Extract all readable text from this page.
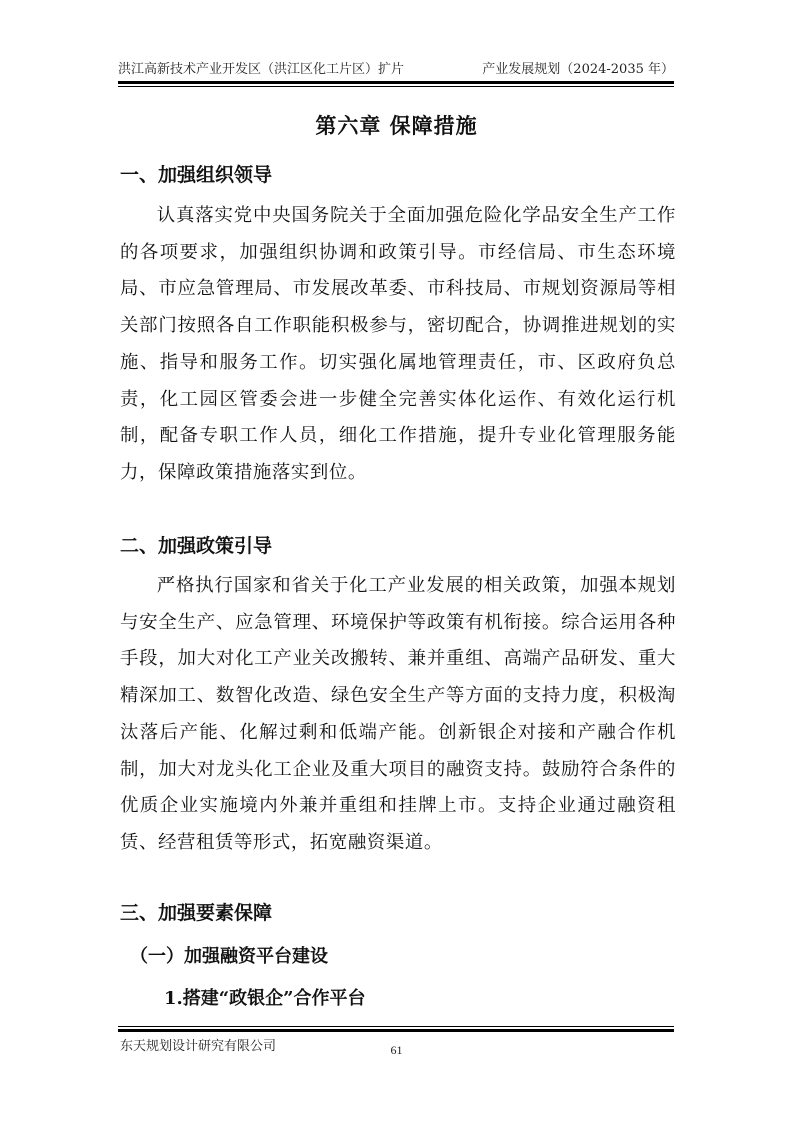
洪江高新技术产业开发区（洪江区化工片区）扩片	产业发展规划（2024-2035 年）
第六章 保障措施
一、加强组织领导

认真落实党中央国务院关于全面加强危险化学品安全生产工作的各项要求，加强组织协调和政策引导。市经信局、市生态环境局、市应急管理局、市发展改革委、市科技局、市规划资源局等相关部门按照各自工作职能积极参与，密切配合，协调推进规划的实施、指导和服务工作。切实强化属地管理责任，市、区政府负总责，化工园区管委会进一步健全完善实体化运作、有效化运行机制，配备专职工作人员，细化工作措施，提升专业化管理服务能力，保障政策措施落实到位。

二、加强政策引导

严格执行国家和省关于化工产业发展的相关政策，加强本规划与安全生产、应急管理、环境保护等政策有机衔接。综合运用各种手段，加大对化工产业关改搬转、兼并重组、高端产品研发、重大精深加工、数智化改造、绿色安全生产等方面的支持力度，积极淘汰落后产能、化解过剩和低端产能。创新银企对接和产融合作机制，加大对龙头化工企业及重大项目的融资支持。鼓励符合条件的优质企业实施境内外兼并重组和挂牌上市。支持企业通过融资租赁、经营租赁等形式，拓宽融资渠道。

三、加强要素保障
（一）加强融资平台建设
1.搭建“政银企”合作平台
东天规划设计研究有限公司	61
